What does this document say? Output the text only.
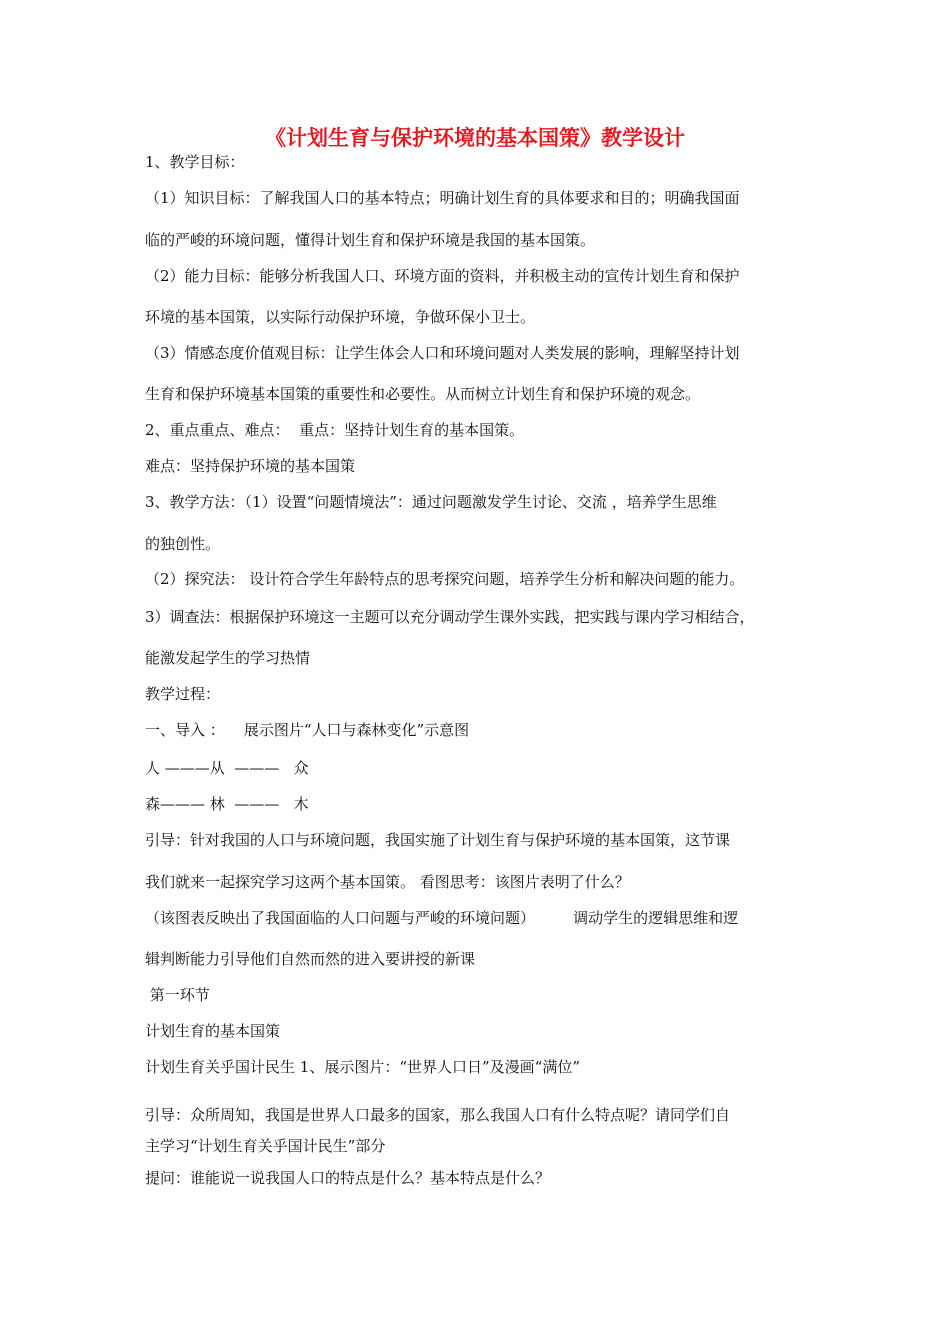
《计划生育与保护环境的基本国策》教学设计
1、教学目标：
（1）知识目标：了解我国人口的基本特点；明确计划生育的具体要求和目的；明确我国面
临的严峻的环境问题，懂得计划生育和保护环境是我国的基本国策。
（2）能力目标：能够分析我国人口、环境方面的资料，并积极主动的宣传计划生育和保护
环境的基本国策，以实际行动保护环境，争做环保小卫士。
（3）情感态度价值观目标：让学生体会人口和环境问题对人类发展的影响，理解坚持计划
生育和保护环境基本国策的重要性和必要性。从而树立计划生育和保护环境的观念。
2、重点重点、难点：  重点：坚持计划生育的基本国策。
难点：坚持保护环境的基本国策
3、教学方法：（1）设置“问题情境法”：通过问题激发学生讨论、交流 ，培养学生思维
的独创性。
（2）探究法： 设计符合学生年龄特点的思考探究问题，培养学生分析和解决问题的能力。
3）调查法：根据保护环境这一主题可以充分调动学生课外实践，把实践与课内学习相结合，
能激发起学生的学习热情
教学过程：
一、导入 ：    展示图片“人口与森林变化”示意图
人 ———从  ———   众
森——— 林  ———   木
引导：针对我国的人口与环境问题，我国实施了计划生育与保护环境的基本国策，这节课
我们就来一起探究学习这两个基本国策。 看图思考：该图片表明了什么？
（该图表反映出了我国面临的人口问题与严峻的环境问题）        调动学生的逻辑思维和逻
辑判断能力引导他们自然而然的进入要讲授的新课
第一环节
计划生育的基本国策
计划生育关乎国计民生 1、展示图片：“世界人口日”及漫画“满位”
引导：众所周知，我国是世界人口最多的国家，那么我国人口有什么特点呢？请同学们自
主学习“计划生育关乎国计民生”部分
提问：谁能说一说我国人口的特点是什么？基本特点是什么？
